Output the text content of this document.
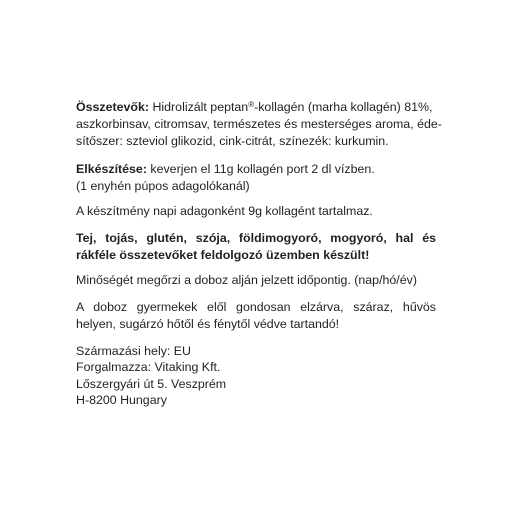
Összetevők: Hidrolizált peptan®-kollagén (marha kollagén) 81%,
aszkorbinsav, citromsav, természetes és mesterséges aroma, éde-
sítőszer: szteviol glikozid, cink-citrát, színezék: kurkumin.
Elkészítése: keverjen el 11g kollagén port 2 dl vízben.
(1 enyhén púpos adagolókanál)
A készítmény napi adagonként 9g kollagént tartalmaz.
Tej, tojás, glutén, szója, földimogyoró, mogyoró, hal és
rákféle összetevőket feldolgozó üzemben készült!
Minőségét megőrzi a doboz alján jelzett időpontig. (nap/hó/év)
A doboz gyermekek elől gondosan elzárva, száraz, hűvös
helyen, sugárzó hőtől és fénytől védve tartandó!
Származási hely: EU
Forgalmazza: Vitaking Kft.
Lőszergyári út 5. Veszprém
H-8200 Hungary
